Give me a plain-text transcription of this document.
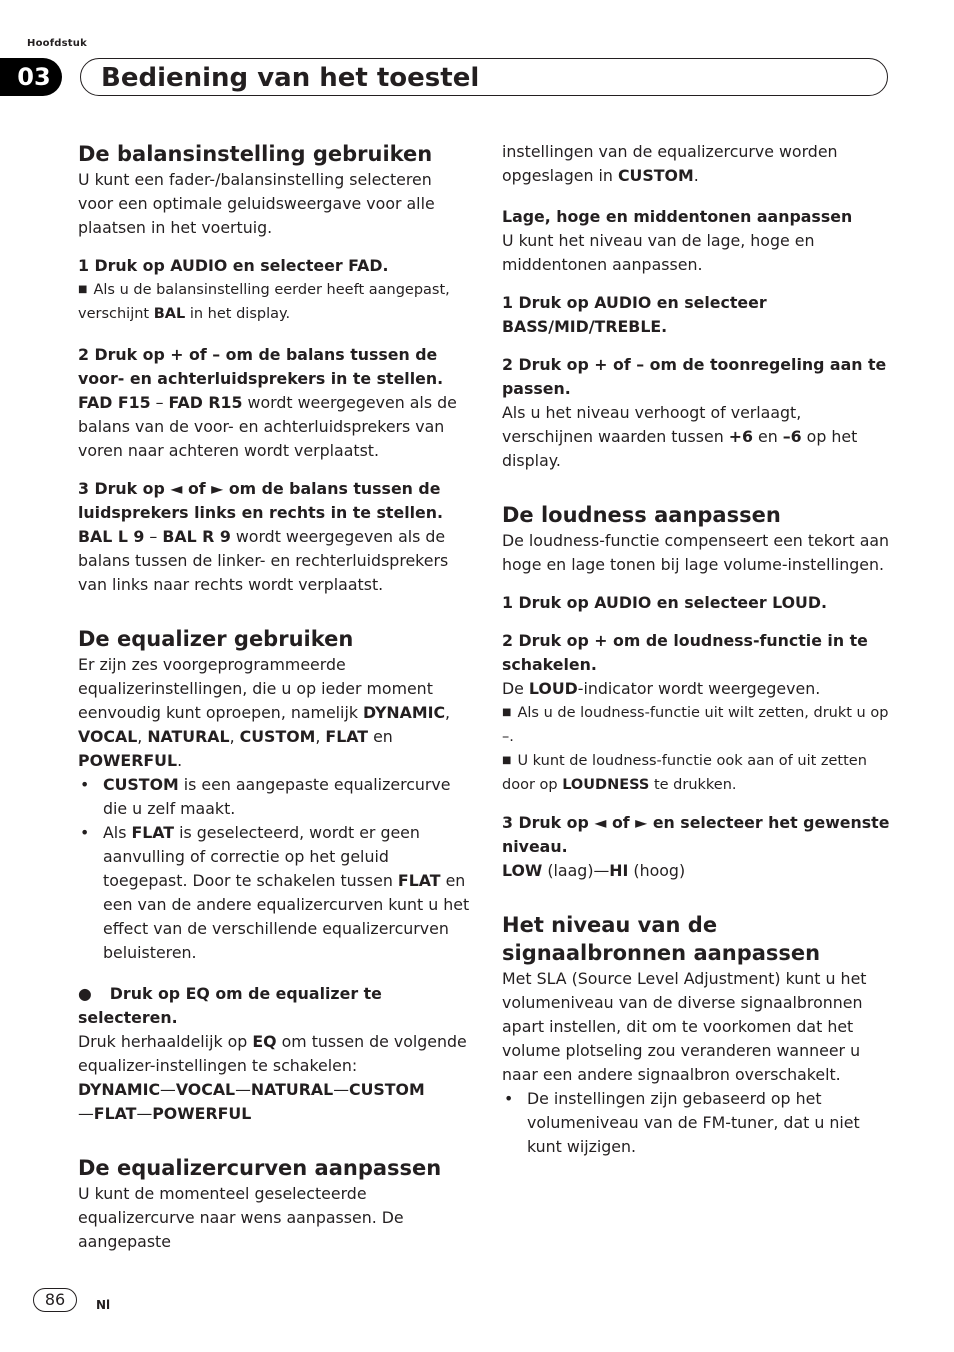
Hoofdstuk
03	Bediening van het toestel
De balansinstelling gebruiken

U kunt een fader-/balansinstelling selecteren voor een optimale geluidsweergave voor alle plaatsen in het voertuig.

1 Druk op AUDIO en selecteer FAD.

■ Als u de balansinstelling eerder heeft aangepast, verschijnt BAL in het display.

2 Druk op + of – om de balans tussen de voor- en achterluidsprekers in te stellen.

FAD F15 – FAD R15 wordt weergegeven als de balans van de voor- en achterluidsprekers van voren naar achteren wordt verplaatst.

3 Druk op ◄ of ► om de balans tussen de luidsprekers links en rechts in te stellen.

BAL L 9 – BAL R 9 wordt weergegeven als de balans tussen de linker- en rechterluidsprekers van links naar rechts wordt verplaatst.

De equalizer gebruiken

Er zijn zes voorgeprogrammeerde equalizerinstellingen, die u op ieder moment eenvoudig kunt oproepen, namelijk DYNAMIC, VOCAL, NATURAL, CUSTOM, FLAT en POWERFUL.

• CUSTOM is een aangepaste equalizercurve die u zelf maakt.
• Als FLAT is geselecteerd, wordt er geen aanvulling of correctie op het geluid toegepast. Door te schakelen tussen FLAT en een van de andere equalizercurven kunt u het effect van de verschillende equalizercurven beluisteren.

● Druk op EQ om de equalizer te selecteren.

Druk herhaaldelijk op EQ om tussen de volgende equalizer-instellingen te schakelen:

DYNAMIC—VOCAL—NATURAL—CUSTOM
—FLAT—POWERFUL

De equalizercurven aanpassen

U kunt de momenteel geselecteerde equalizercurve naar wens aanpassen. De aangepaste

instellingen van de equalizercurve worden opgeslagen in CUSTOM.

Lage, hoge en middentonen aanpassen

U kunt het niveau van de lage, hoge en middentonen aanpassen.

1 Druk op AUDIO en selecteer BASS/MID/TREBLE.

2 Druk op + of – om de toonregeling aan te passen.

Als u het niveau verhoogt of verlaagt, verschijnen waarden tussen +6 en –6 op het display.

De loudness aanpassen

De loudness-functie compenseert een tekort aan hoge en lage tonen bij lage volume-instellingen.

1 Druk op AUDIO en selecteer LOUD.

2 Druk op + om de loudness-functie in te schakelen.

De LOUD-indicator wordt weergegeven.

■ Als u de loudness-functie uit wilt zetten, drukt u op –.

■ U kunt de loudness-functie ook aan of uit zetten door op LOUDNESS te drukken.

3 Druk op ◄ of ► en selecteer het gewenste niveau.

LOW (laag)—HI (hoog)

Het niveau van de signaalbronnen aanpassen

Met SLA (Source Level Adjustment) kunt u het volumeniveau van de diverse signaalbronnen apart instellen, dit om te voorkomen dat het volume plotseling zou veranderen wanneer u naar een andere signaalbron overschakelt.

• De instellingen zijn gebaseerd op het volumeniveau van de FM-tuner, dat u niet kunt wijzigen.
86	Nl
